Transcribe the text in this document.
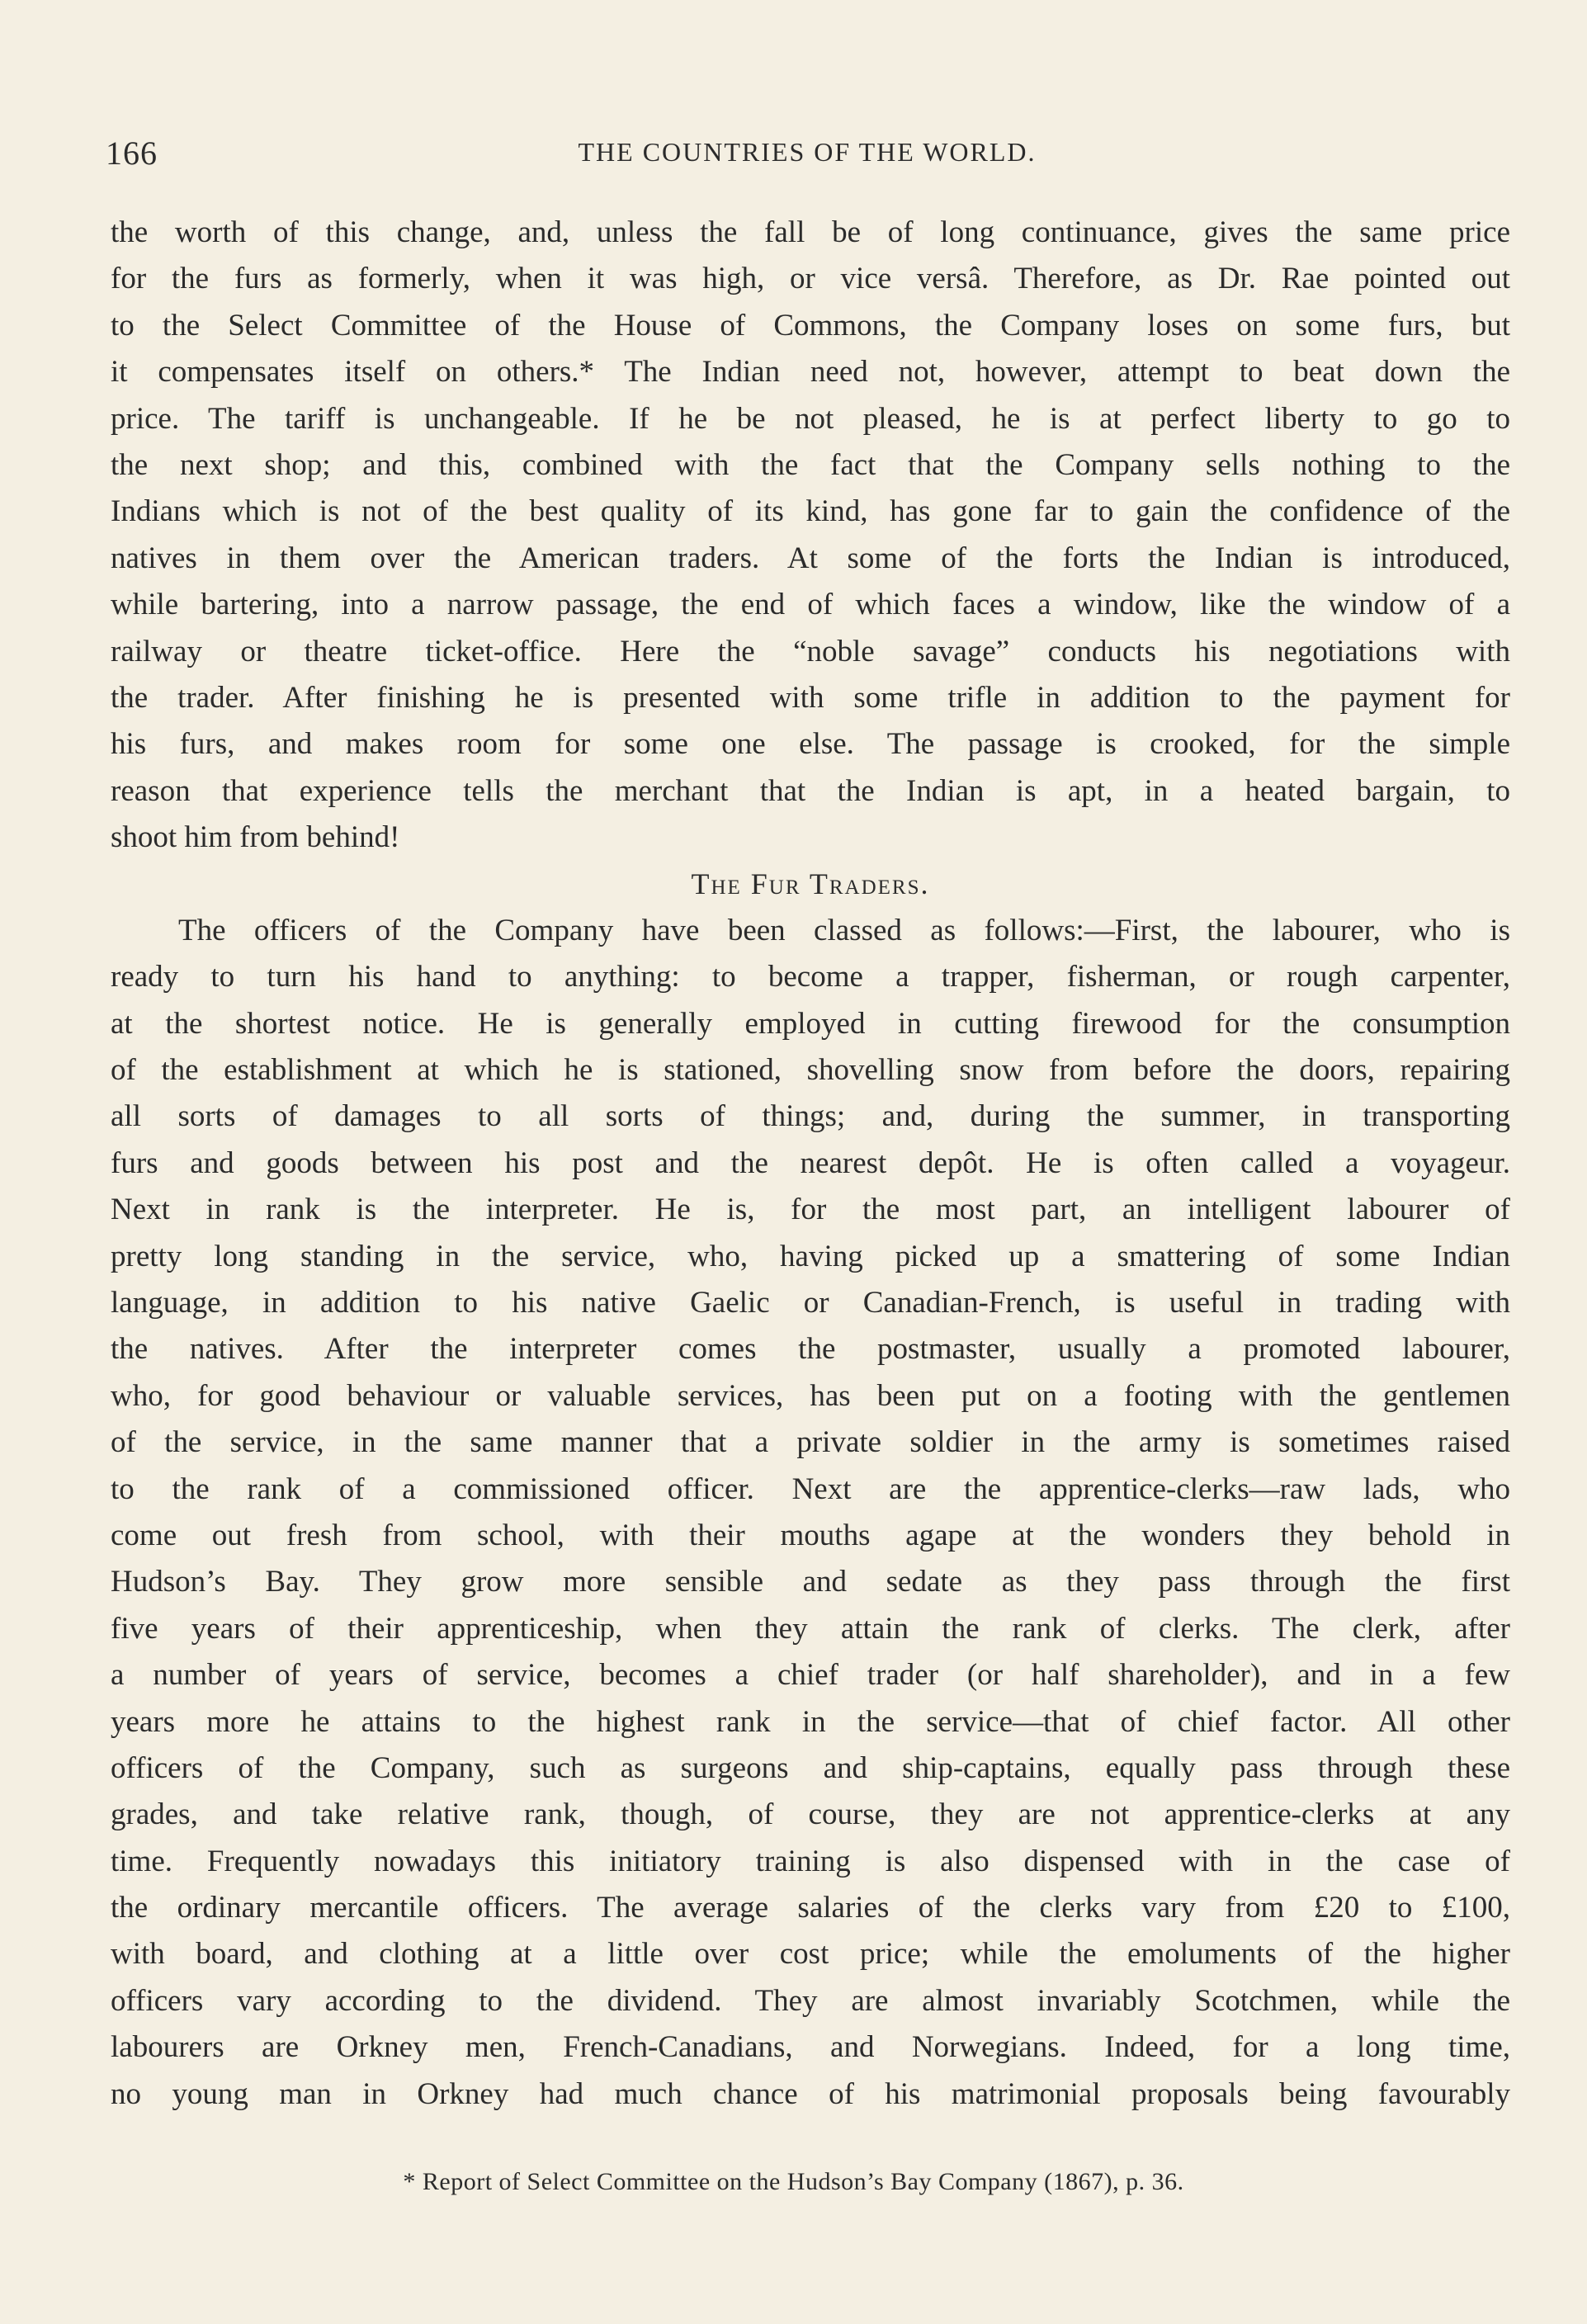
166	THE COUNTRIES OF THE WORLD.
the worth of this change, and, unless the fall be of long continuance, gives the same price
for the furs as formerly, when it was high, or vice versâ. Therefore, as Dr. Rae pointed out
to the Select Committee of the House of Commons, the Company loses on some furs, but
it compensates itself on others.* The Indian need not, however, attempt to beat down the
price. The tariff is unchangeable. If he be not pleased, he is at perfect liberty to go to
the next shop; and this, combined with the fact that the Company sells nothing to the
Indians which is not of the best quality of its kind, has gone far to gain the confidence of the
natives in them over the American traders. At some of the forts the Indian is introduced,
while bartering, into a narrow passage, the end of which faces a window, like the window of a
railway or theatre ticket-office. Here the “noble savage” conducts his negotiations with
the trader. After finishing he is presented with some trifle in addition to the payment for
his furs, and makes room for some one else. The passage is crooked, for the simple
reason that experience tells the merchant that the Indian is apt, in a heated bargain, to
shoot him from behind!
The Fur Traders.
The officers of the Company have been classed as follows:—First, the labourer, who is
ready to turn his hand to anything: to become a trapper, fisherman, or rough carpenter,
at the shortest notice. He is generally employed in cutting firewood for the consumption
of the establishment at which he is stationed, shovelling snow from before the doors, repairing
all sorts of damages to all sorts of things; and, during the summer, in transporting
furs and goods between his post and the nearest depôt. He is often called a voyageur.
Next in rank is the interpreter. He is, for the most part, an intelligent labourer of
pretty long standing in the service, who, having picked up a smattering of some Indian
language, in addition to his native Gaelic or Canadian-French, is useful in trading with
the natives. After the interpreter comes the postmaster, usually a promoted labourer,
who, for good behaviour or valuable services, has been put on a footing with the gentlemen
of the service, in the same manner that a private soldier in the army is sometimes raised
to the rank of a commissioned officer. Next are the apprentice-clerks—raw lads, who
come out fresh from school, with their mouths agape at the wonders they behold in
Hudson’s Bay. They grow more sensible and sedate as they pass through the first
five years of their apprenticeship, when they attain the rank of clerks. The clerk, after
a number of years of service, becomes a chief trader (or half shareholder), and in a few
years more he attains to the highest rank in the service—that of chief factor. All other
officers of the Company, such as surgeons and ship-captains, equally pass through these
grades, and take relative rank, though, of course, they are not apprentice-clerks at any
time. Frequently nowadays this initiatory training is also dispensed with in the case of
the ordinary mercantile officers. The average salaries of the clerks vary from £20 to £100,
with board, and clothing at a little over cost price; while the emoluments of the higher
officers vary according to the dividend. They are almost invariably Scotchmen, while the
labourers are Orkney men, French-Canadians, and Norwegians. Indeed, for a long time,
no young man in Orkney had much chance of his matrimonial proposals being favourably
* Report of Select Committee on the Hudson’s Bay Company (1867), p. 36.
